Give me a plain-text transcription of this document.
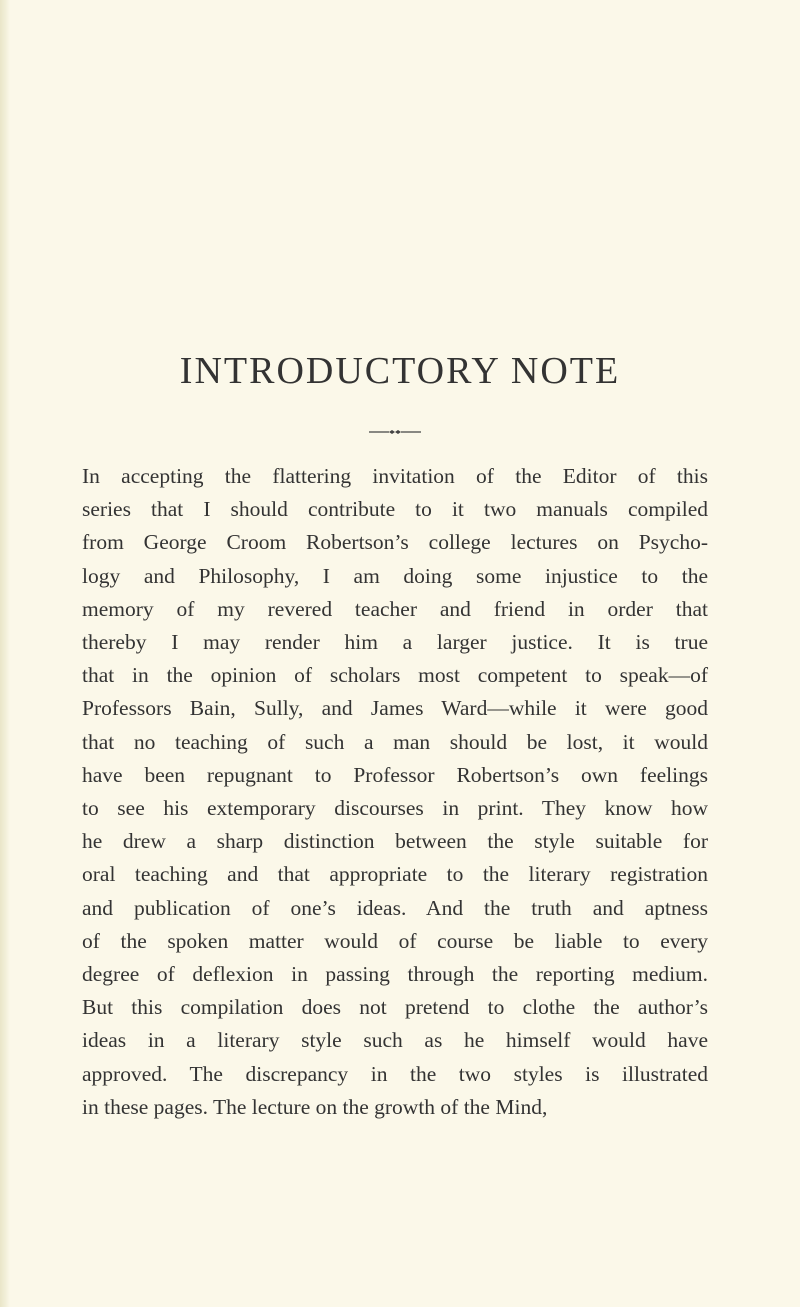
INTRODUCTORY NOTE
In accepting the flattering invitation of the Editor of this
series that I should contribute to it two manuals compiled
from George Croom Robertson’s college lectures on Psycho-
logy and Philosophy, I am doing some injustice to the
memory of my revered teacher and friend in order that
thereby I may render him a larger justice. It is true
that in the opinion of scholars most competent to speak—of
Professors Bain, Sully, and James Ward—while it were good
that no teaching of such a man should be lost, it would
have been repugnant to Professor Robertson’s own feelings
to see his extemporary discourses in print. They know how
he drew a sharp distinction between the style suitable for
oral teaching and that appropriate to the literary registration
and publication of one’s ideas. And the truth and aptness
of the spoken matter would of course be liable to every
degree of deflexion in passing through the reporting medium.
But this compilation does not pretend to clothe the author’s
ideas in a literary style such as he himself would have
approved. The discrepancy in the two styles is illustrated
in these pages. The lecture on the growth of the Mind,
